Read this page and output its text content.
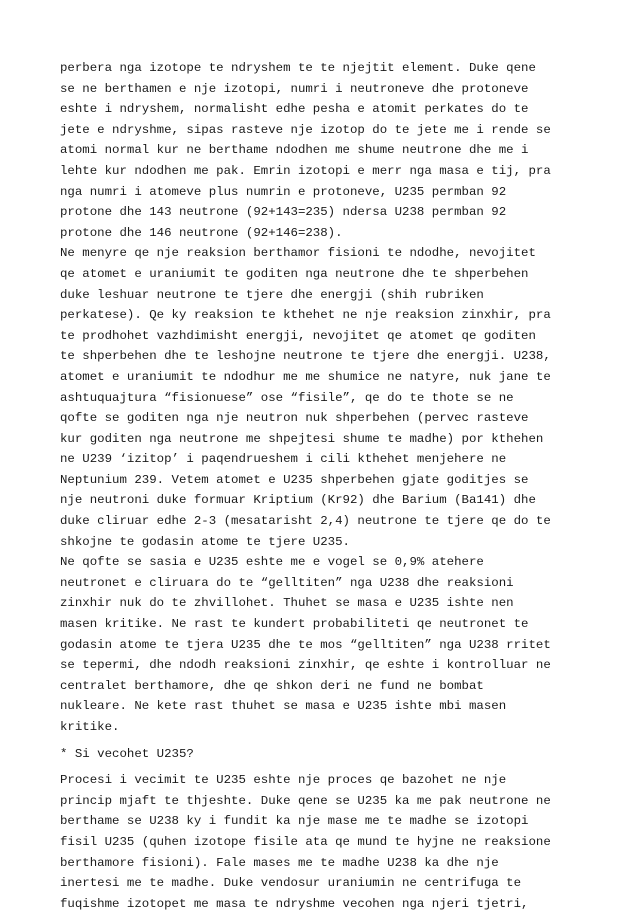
perbera nga izotope te ndryshem te te njejtit element. Duke qene
se ne berthamen e nje izotopi, numri i neutroneve dhe protoneve
eshte i ndryshem, normalisht edhe pesha e atomit perkates do te
jete e ndryshme, sipas rasteve nje izotop do te jete me i rende se
atomi normal kur ne berthame ndodhen me shume neutrone dhe me i
lehte kur ndodhen me pak. Emrin izotopi e merr nga masa e tij, pra
nga numri i atomeve plus numrin e protoneve, U235 permban 92
protone dhe 143 neutrone (92+143=235) ndersa U238 permban 92
protone dhe 146 neutrone (92+146=238).
Ne menyre qe nje reaksion berthamor fisioni te ndodhe, nevojitet
qe atomet e uraniumit te goditen nga neutrone dhe te shperbehen
duke leshuar neutrone te tjere dhe energji (shih rubriken
perkatese). Qe ky reaksion te kthehet ne nje reaksion zinxhir, pra
te prodhohet vazhdimisht energji, nevojitet qe atomet qe goditen
te shperbehen dhe te leshojne neutrone te tjere dhe energji. U238,
atomet e uraniumit te ndodhur me me shumice ne natyre, nuk jane te
ashtuquajtura “fisionuese” ose “fisile”, qe do te thote se ne
qofte se goditen nga nje neutron nuk shperbehen (pervec rasteve
kur goditen nga neutrone me shpejtesi shume te madhe) por kthehen
ne U239 ‘izitop’ i paqendrueshem i cili kthehet menjehere ne
Neptunium 239. Vetem atomet e U235 shperbehen gjate goditjes se
nje neutroni duke formuar Kriptium (Kr92) dhe Barium (Ba141) dhe
duke cliruar edhe 2-3 (mesatarisht 2,4) neutrone te tjere qe do te
shkojne te godasin atome te tjere U235.
Ne qofte se sasia e U235 eshte me e vogel se 0,9% atehere
neutronet e cliruara do te “gelltiten” nga U238 dhe reaksioni
zinxhir nuk do te zhvillohet. Thuhet se masa e U235 ishte nen
masen kritike. Ne rast te kundert probabiliteti qe neutronet te
godasin atome te tjera U235 dhe te mos “gelltiten” nga U238 rritet
se tepermi, dhe ndodh reaksioni zinxhir, qe eshte i kontrolluar ne
centralet berthamore, dhe qe shkon deri ne fund ne bombat
nukleare. Ne kete rast thuhet se masa e U235 ishte mbi masen
kritike.
* Si vecohet U235?
Procesi i vecimit te U235 eshte nje proces qe bazohet ne nje
princip mjaft te thjeshte. Duke qene se U235 ka me pak neutrone ne
berthame se U238 ky i fundit ka nje mase me te madhe se izotopi
fisil U235 (quhen izotope fisile ata qe mund te hyjne ne reaksione
berthamore fisioni). Fale mases me te madhe U238 ka dhe nje
inertesi me te madhe. Duke vendosur uraniumin ne centrifuga te
fuqishme izotopet me masa te ndryshme vecohen nga njeri tjetri,
